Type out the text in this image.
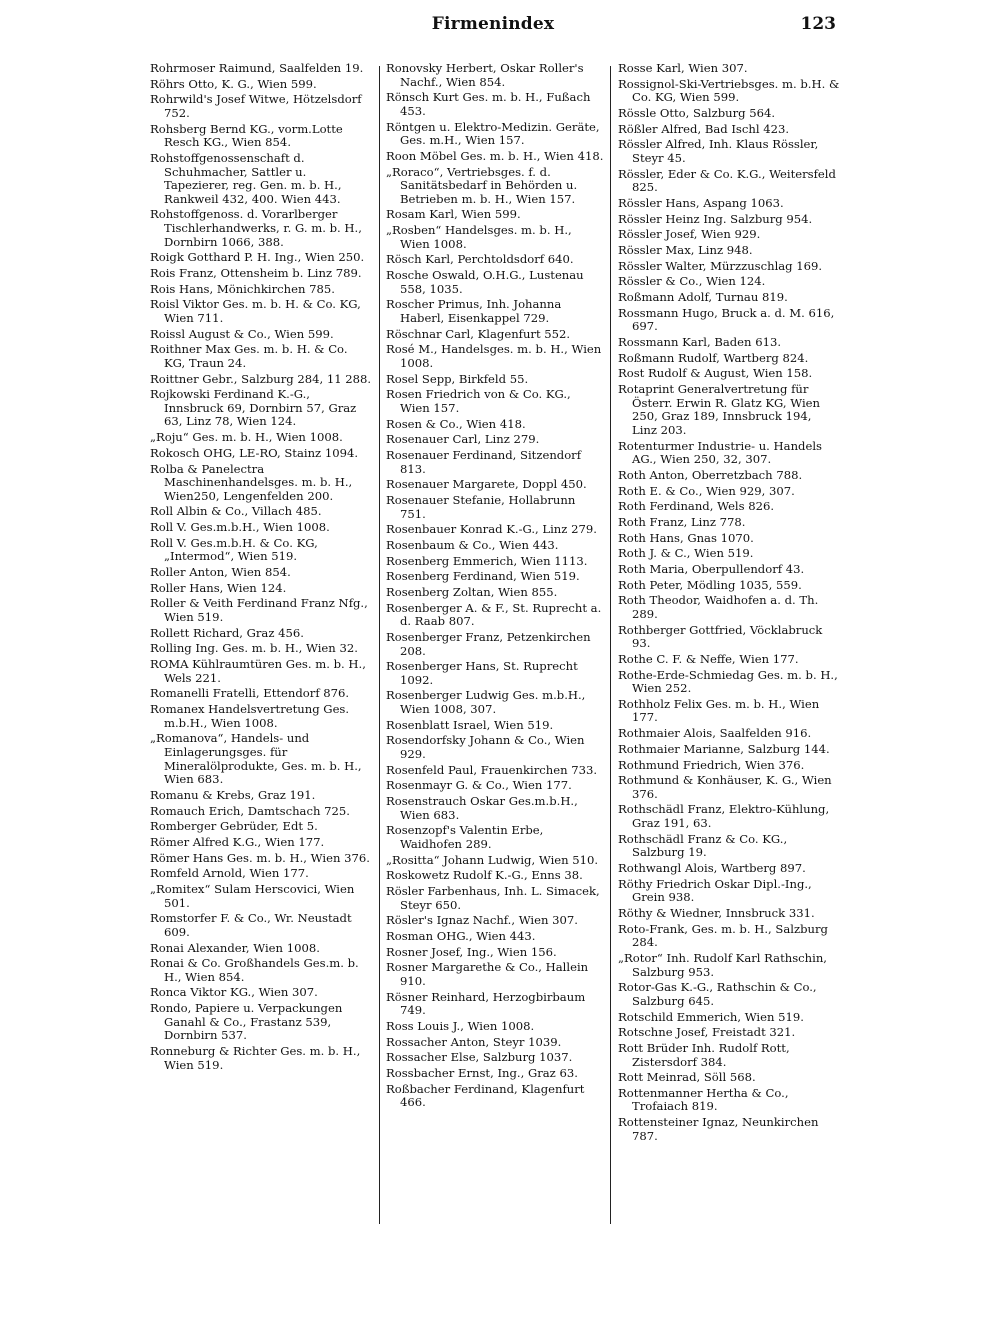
Firmenindex	123
Rohrmoser Raimund, Saalfelden 19.
Röhrs Otto, K. G., Wien 599.
Rohrwild's Josef Witwe, Hötzelsdorf 752.
Rohsberg Bernd KG., vorm.Lotte Resch KG., Wien 854.
Rohstoffgenossenschaft d. Schuhmacher, Sattler u. Tapezierer, reg. Gen. m. b. H., Rankweil 432, 400. Wien 443.
Rohstoffgenoss. d. Vorarlberger Tischlerhandwerks, r. G. m. b. H., Dornbirn 1066, 388.
Roigk Gotthard P. H. Ing., Wien 250.
Rois Franz, Ottensheim b. Linz 789.
Rois Hans, Mönichkirchen 785.
Roisl Viktor Ges. m. b. H. & Co. KG, Wien 711.
Roissl August & Co., Wien 599.
Roithner Max Ges. m. b. H. & Co. KG, Traun 24.
Roittner Gebr., Salzburg 284, 11 288.
Rojkowski Ferdinand K.-G., Innsbruck 69, Dornbirn 57, Graz 63, Linz 78, Wien 124.
„Roju“ Ges. m. b. H., Wien 1008.
Rokosch OHG, LE-RO, Stainz 1094.
Rolba & Panelectra Maschinenhandelsges. m. b. H., Wien250, Lengenfelden 200.
Roll Albin & Co., Villach 485.
Roll V. Ges.m.b.H., Wien 1008.
Roll V. Ges.m.b.H. & Co. KG, „Intermod“, Wien 519.
Roller Anton, Wien 854.
Roller Hans, Wien 124.
Roller & Veith Ferdinand Franz Nfg., Wien 519.
Rollett Richard, Graz 456.
Rolling Ing. Ges. m. b. H., Wien 32.
ROMA Kühlraumtüren Ges. m. b. H., Wels 221.
Romanelli Fratelli, Ettendorf 876.
Romanex Handelsvertretung Ges. m.b.H., Wien 1008.
„Romanova“, Handels- und Einlagerungsges. für Mineralölprodukte, Ges. m. b. H., Wien 683.
Romanu & Krebs, Graz 191.
Romauch Erich, Damtschach 725.
Romberger Gebrüder, Edt 5.
Römer Alfred K.G., Wien 177.
Römer Hans Ges. m. b. H., Wien 376.
Romfeld Arnold, Wien 177.
„Romitex“ Sulam Herscovici, Wien 501.
Romstorfer F. & Co., Wr. Neustadt 609.
Ronai Alexander, Wien 1008.
Ronai & Co. Großhandels Ges.m. b. H., Wien 854.
Ronca Viktor KG., Wien 307.
Rondo, Papiere u. Verpackungen Ganahl & Co., Frastanz 539, Dornbirn 537.
Ronneburg & Richter Ges. m. b. H., Wien 519.
Ronovsky Herbert, Oskar Roller's Nachf., Wien 854.
Rönsch Kurt Ges. m. b. H., Fußach 453.
Röntgen u. Elektro-Medizin. Geräte, Ges. m.H., Wien 157.
Roon Möbel Ges. m. b. H., Wien 418.
„Roraco“, Vertriebsges. f. d. Sanitätsbedarf in Behörden u. Betrieben m. b. H., Wien 157.
Rosam Karl, Wien 599.
„Rosben“ Handelsges. m. b. H., Wien 1008.
Rösch Karl, Perchtoldsdorf 640.
Rosche Oswald, O.H.G., Lustenau 558, 1035.
Roscher Primus, Inh. Johanna Haberl, Eisenkappel 729.
Röschnar Carl, Klagenfurt 552.
Rosé M., Handelsges. m. b. H., Wien 1008.
Rosel Sepp, Birkfeld 55.
Rosen Friedrich von & Co. KG., Wien 157.
Rosen & Co., Wien 418.
Rosenauer Carl, Linz 279.
Rosenauer Ferdinand, Sitzendorf 813.
Rosenauer Margarete, Doppl 450.
Rosenauer Stefanie, Hollabrunn 751.
Rosenbauer Konrad K.-G., Linz 279.
Rosenbaum & Co., Wien 443.
Rosenberg Emmerich, Wien 1113.
Rosenberg Ferdinand, Wien 519.
Rosenberg Zoltan, Wien 855.
Rosenberger A. & F., St. Ruprecht a. d. Raab 807.
Rosenberger Franz, Petzenkirchen 208.
Rosenberger Hans, St. Ruprecht 1092.
Rosenberger Ludwig Ges. m.b.H., Wien 1008, 307.
Rosenblatt Israel, Wien 519.
Rosendorfsky Johann & Co., Wien 929.
Rosenfeld Paul, Frauenkirchen 733.
Rosenmayr G. & Co., Wien 177.
Rosenstrauch Oskar Ges.m.b.H., Wien 683.
Rosenzopf's Valentin Erbe, Waidhofen 289.
„Rositta“ Johann Ludwig, Wien 510.
Roskowetz Rudolf K.-G., Enns 38.
Rösler Farbenhaus, Inh. L. Simacek, Steyr 650.
Rösler's Ignaz Nachf., Wien 307.
Rosman OHG., Wien 443.
Rosner Josef, Ing., Wien 156.
Rosner Margarethe & Co., Hallein 910.
Rösner Reinhard, Herzogbirbaum 749.
Ross Louis J., Wien 1008.
Rossacher Anton, Steyr 1039.
Rossacher Else, Salzburg 1037.
Rossbacher Ernst, Ing., Graz 63.
Roßbacher Ferdinand, Klagenfurt 466.
Rosse Karl, Wien 307.
Rossignol-Ski-Vertriebsges. m. b.H. & Co. KG, Wien 599.
Rössle Otto, Salzburg 564.
Rößler Alfred, Bad Ischl 423.
Rössler Alfred, Inh. Klaus Rössler, Steyr 45.
Rössler, Eder & Co. K.G., Weitersfeld 825.
Rössler Hans, Aspang 1063.
Rössler Heinz Ing. Salzburg 954.
Rössler Josef, Wien 929.
Rössler Max, Linz 948.
Rössler Walter, Mürzzuschlag 169.
Rössler & Co., Wien 124.
Roßmann Adolf, Turnau 819.
Rossmann Hugo, Bruck a. d. M. 616, 697.
Rossmann Karl, Baden 613.
Roßmann Rudolf, Wartberg 824.
Rost Rudolf & August, Wien 158.
Rotaprint Generalvertretung für Österr. Erwin R. Glatz KG, Wien 250, Graz 189, Innsbruck 194, Linz 203.
Rotenturmer Industrie- u. Handels AG., Wien 250, 32, 307.
Roth Anton, Oberretzbach 788.
Roth E. & Co., Wien 929, 307.
Roth Ferdinand, Wels 826.
Roth Franz, Linz 778.
Roth Hans, Gnas 1070.
Roth J. & C., Wien 519.
Roth Maria, Oberpullendorf 43.
Roth Peter, Mödling 1035, 559.
Roth Theodor, Waidhofen a. d. Th. 289.
Rothberger Gottfried, Vöcklabruck 93.
Rothe C. F. & Neffe, Wien 177.
Rothe-Erde-Schmiedag Ges. m. b. H., Wien 252.
Rothholz Felix Ges. m. b. H., Wien 177.
Rothmaier Alois, Saalfelden 916.
Rothmaier Marianne, Salzburg 144.
Rothmund Friedrich, Wien 376.
Rothmund & Konhäuser, K. G., Wien 376.
Rothschädl Franz, Elektro-Kühlung, Graz 191, 63.
Rothschädl Franz & Co. KG., Salzburg 19.
Rothwangl Alois, Wartberg 897.
Röthy Friedrich Oskar Dipl.-Ing., Grein 938.
Röthy & Wiedner, Innsbruck 331.
Roto-Frank, Ges. m. b. H., Salzburg 284.
„Rotor“ Inh. Rudolf Karl Rathschin, Salzburg 953.
Rotor-Gas K.-G., Rathschin & Co., Salzburg 645.
Rotschild Emmerich, Wien 519.
Rotschne Josef, Freistadt 321.
Rott Brüder Inh. Rudolf Rott, Zistersdorf 384.
Rott Meinrad, Söll 568.
Rottenmanner Hertha & Co., Trofaiach 819.
Rottensteiner Ignaz, Neunkirchen 787.
